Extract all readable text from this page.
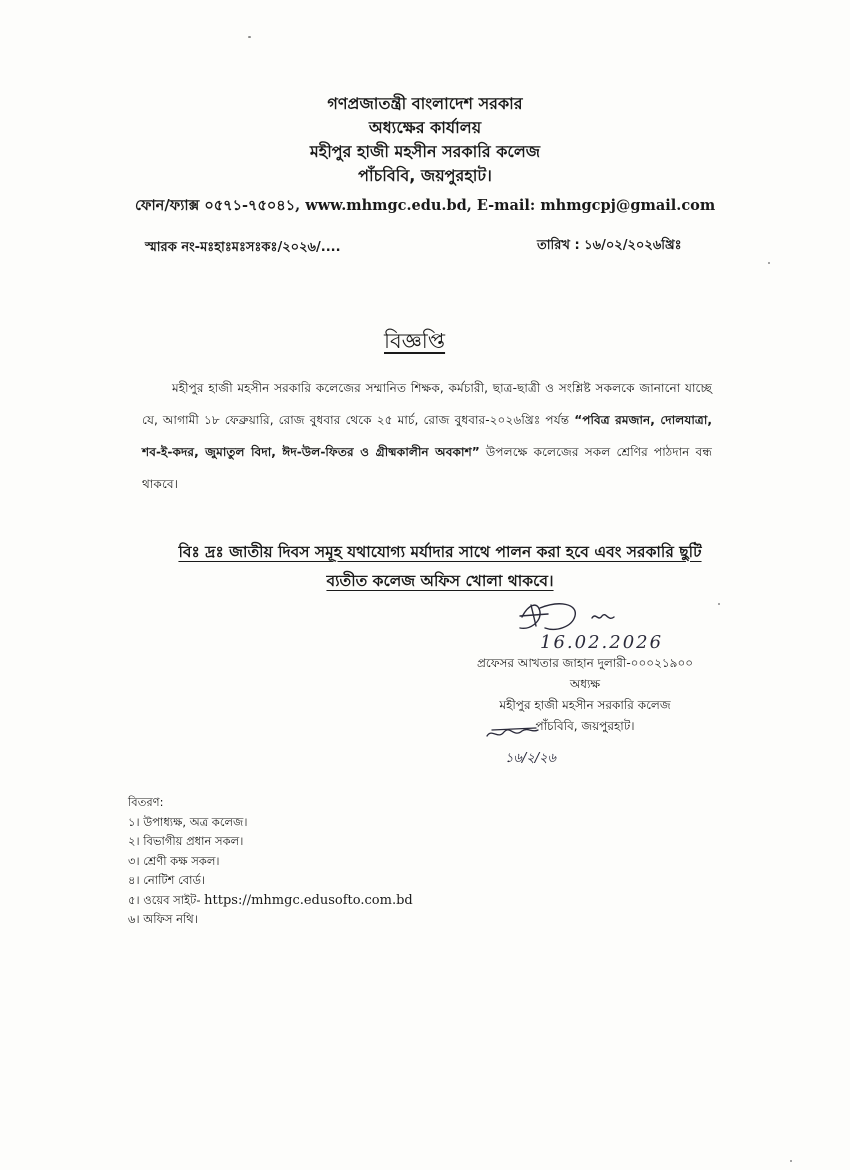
গণপ্রজাতন্ত্রী বাংলাদেশ সরকার
অধ্যক্ষের কার্যালয়
মহীপুর হাজী মহসীন সরকারি কলেজ
পাঁচবিবি, জয়পুরহাট।
ফোন/ফ্যাক্স ০৫৭১-৭৫০৪১, www.mhmgc.edu.bd, E-mail: mhmgcpj@gmail.com
স্মারক নং-মঃহাঃমঃসঃকঃ/২০২৬/....	তারিখ : ১৬/০২/২০২৬খ্রিঃ
বিজ্ঞপ্তি

মহীপুর হাজী মহসীন সরকারি কলেজের সম্মানিত শিক্ষক, কর্মচারী, ছাত্র-ছাত্রী ও সংশ্লিষ্ট সকলকে জানানো যাচ্ছে যে, আগামী ১৮ ফেব্রুয়ারি, রোজ বুধবার থেকে ২৫ মার্চ, রোজ বুধবার-২০২৬খ্রিঃ পর্যন্ত “পবিত্র রমজান, দোলযাত্রা, শব-ই-কদর, জুমাতুল বিদা, ঈদ-উল-ফিতর ও গ্রীষ্মকালীন অবকাশ” উপলক্ষে কলেজের সকল শ্রেণির পাঠদান বন্ধ থাকবে।

বিঃ দ্রঃ জাতীয় দিবস সমূহ যথাযোগ্য মর্যাদার সাথে পালন করা হবে এবং সরকারি ছুটি ব্যতীত কলেজ অফিস খোলা থাকবে।
16.02.2026
১৬/২/২৬
প্রফেসর আখতার জাহান দুলারী-০০০২১৯০০
অধ্যক্ষ
মহীপুর হাজী মহসীন সরকারি কলেজ
পাঁচবিবি, জয়পুরহাট।
বিতরণ:
১। উপাধ্যক্ষ, অত্র কলেজ।
২। বিভাগীয় প্রধান সকল।
৩। শ্রেণী কক্ষ সকল।
৪। নোটিশ বোর্ড।
৫। ওয়েব সাইট- https://mhmgc.edusofto.com.bd
৬। অফিস নথি।
